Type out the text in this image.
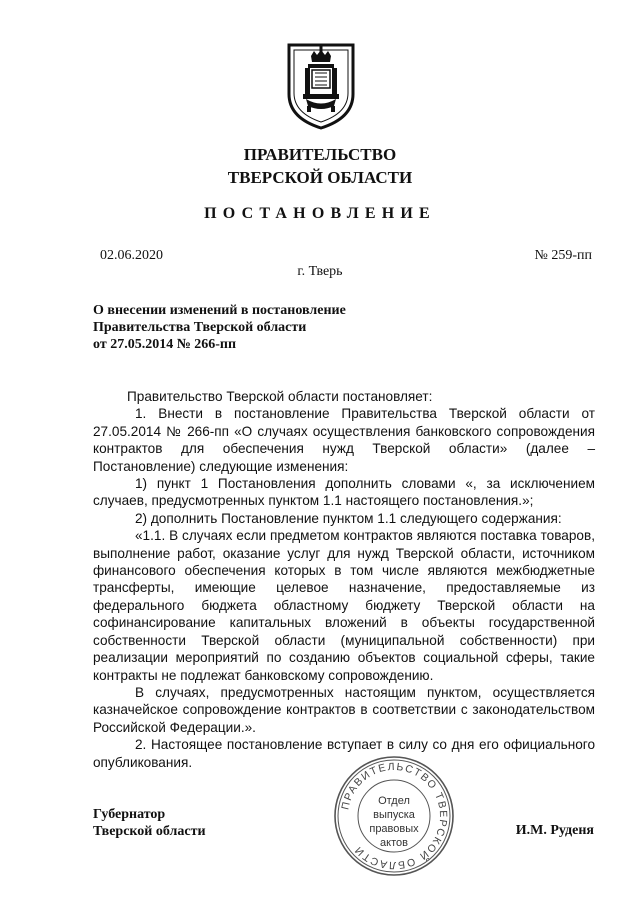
ПРАВИТЕЛЬСТВО
ТВЕРСКОЙ ОБЛАСТИ
ПОСТАНОВЛЕНИЕ
02.06.2020	№ 259-пп
г. Тверь
О внесении изменений в постановление
Правительства Тверской области
от 27.05.2014 № 266-пп

Правительство Тверской области постановляет:

1. Внести в постановление Правительства Тверской области от 27.05.2014 № 266-пп «О случаях осуществления банковского сопровождения контрактов для обеспечения нужд Тверской области» (далее – Постановление) следующие изменения:

1) пункт 1 Постановления дополнить словами «, за исключением случаев, предусмотренных пунктом 1.1 настоящего постановления.»;

2) дополнить Постановление пунктом 1.1 следующего содержания:

«1.1. В случаях если предметом контрактов являются поставка товаров, выполнение работ, оказание услуг для нужд Тверской области, источником финансового обеспечения которых в том числе являются межбюджетные трансферты, имеющие целевое назначение, предоставляемые из федерального бюджета областному бюджету Тверской области на софинансирование капитальных вложений в объекты государственной собственности Тверской области (муниципальной собственности) при реализации мероприятий по созданию объектов социальной сферы, такие контракты не подлежат банковскому сопровождению.

В случаях, предусмотренных настоящим пунктом, осуществляется казначейское сопровождение контрактов в соответствии с законодательством Российской Федерации.».

2. Настоящее постановление вступает в силу со дня его официального опубликования.

Губернатор
Тверской области	И.М. Руденя
ПРАВИТЕЛЬСТВО ТВЕРСКОЙ ОБЛАСТИ
Отдел
выпуска
правовых
актов
